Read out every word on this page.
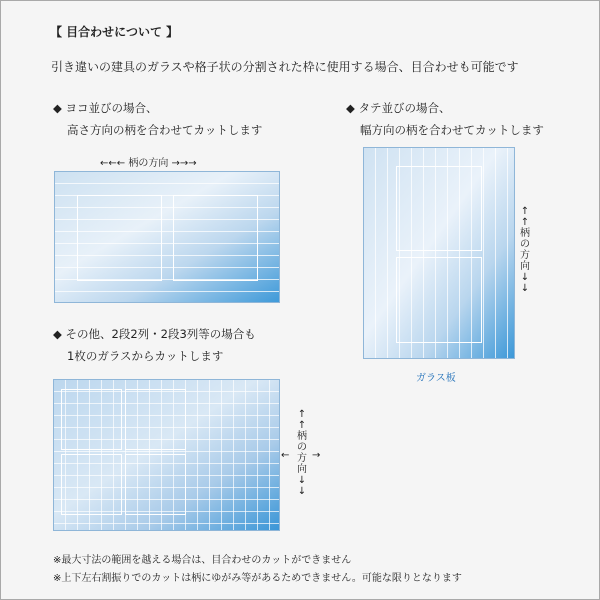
【 目合わせについて 】
引き違いの建具のガラスや格子状の分割された枠に使用する場合、目合わせも可能です
◆ ヨコ並びの場合、
高さ方向の柄を合わせてカットします
←←← 柄の方向 →→→
◆ タテ並びの場合、
幅方向の柄を合わせてカットします
↑
↑
柄
の
方
向
↓
↓
ガラス板
◆ その他、2段2列・2段3列等の場合も
1枚のガラスからカットします
← →
↑
↑
柄
の
方
向
↓
↓
※最大寸法の範囲を越える場合は、目合わせのカットができません
※上下左右割振りでのカットは柄にゆがみ等があるためできません。可能な限りとなります
